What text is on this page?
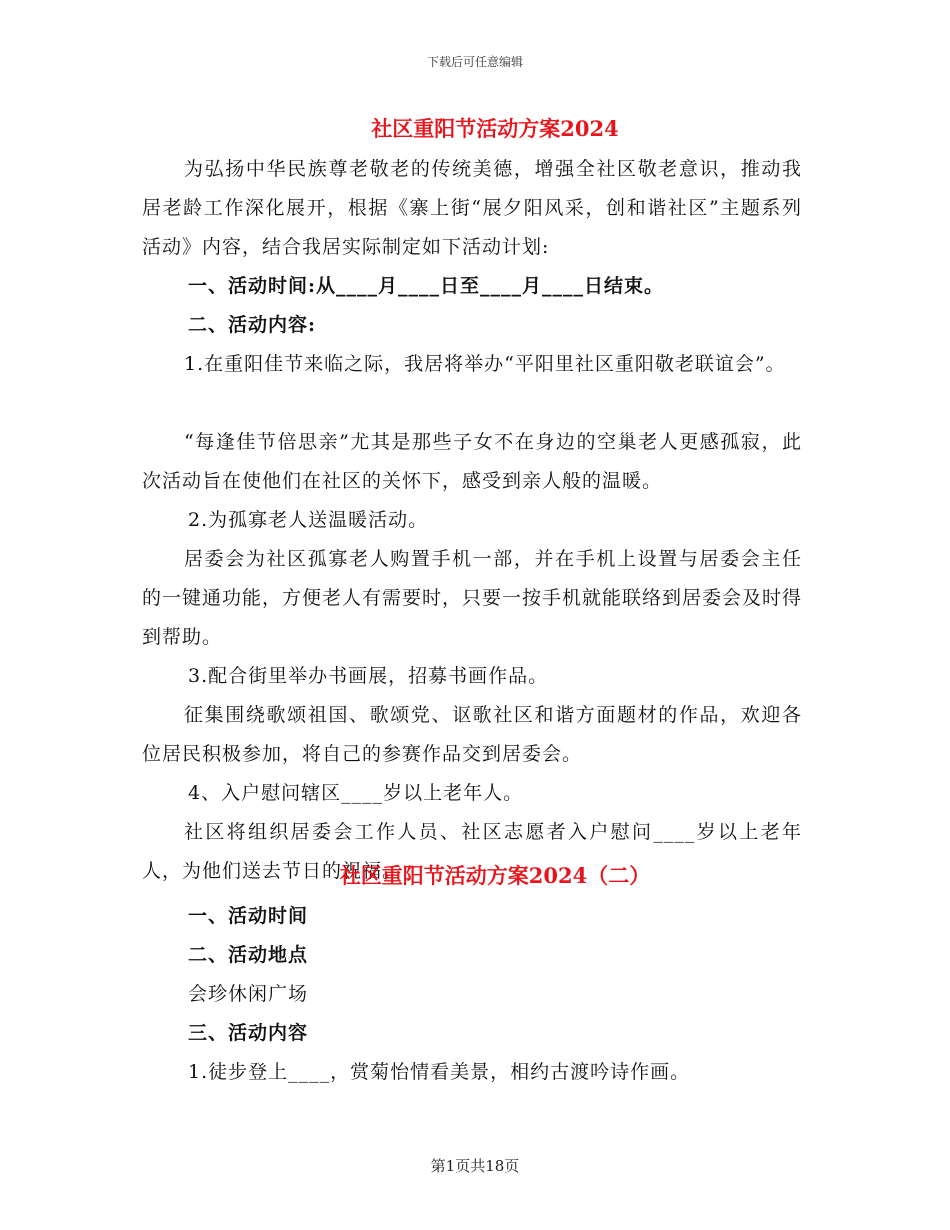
下载后可任意编辑
社区重阳节活动方案2024
为弘扬中华民族尊老敬老的传统美德，增强全社区敬老意识，推动我居老龄工作深化展开，根据《寨上街“展夕阳风采，创和谐社区”主题系列活动》内容，结合我居实际制定如下活动计划:
一、活动时间:从____月____日至____月____日结束。
二、活动内容:
1.在重阳佳节来临之际，我居将举办“平阳里社区重阳敬老联谊会”。
“每逢佳节倍思亲”尤其是那些子女不在身边的空巢老人更感孤寂，此次活动旨在使他们在社区的关怀下，感受到亲人般的温暖。
2.为孤寡老人送温暖活动。
居委会为社区孤寡老人购置手机一部，并在手机上设置与居委会主任的一键通功能，方便老人有需要时，只要一按手机就能联络到居委会及时得到帮助。
3.配合街里举办书画展，招募书画作品。
征集围绕歌颂祖国、歌颂党、讴歌社区和谐方面题材的作品，欢迎各位居民积极参加，将自己的参赛作品交到居委会。
4、入户慰问辖区____岁以上老年人。
社区将组织居委会工作人员、社区志愿者入户慰问____岁以上老年人，为他们送去节日的祝福。
社区重阳节活动方案2024（二）
一、活动时间
二、活动地点
会珍休闲广场
三、活动内容
1.徒步登上____，赏菊怡情看美景，相约古渡吟诗作画。
第1页共18页
